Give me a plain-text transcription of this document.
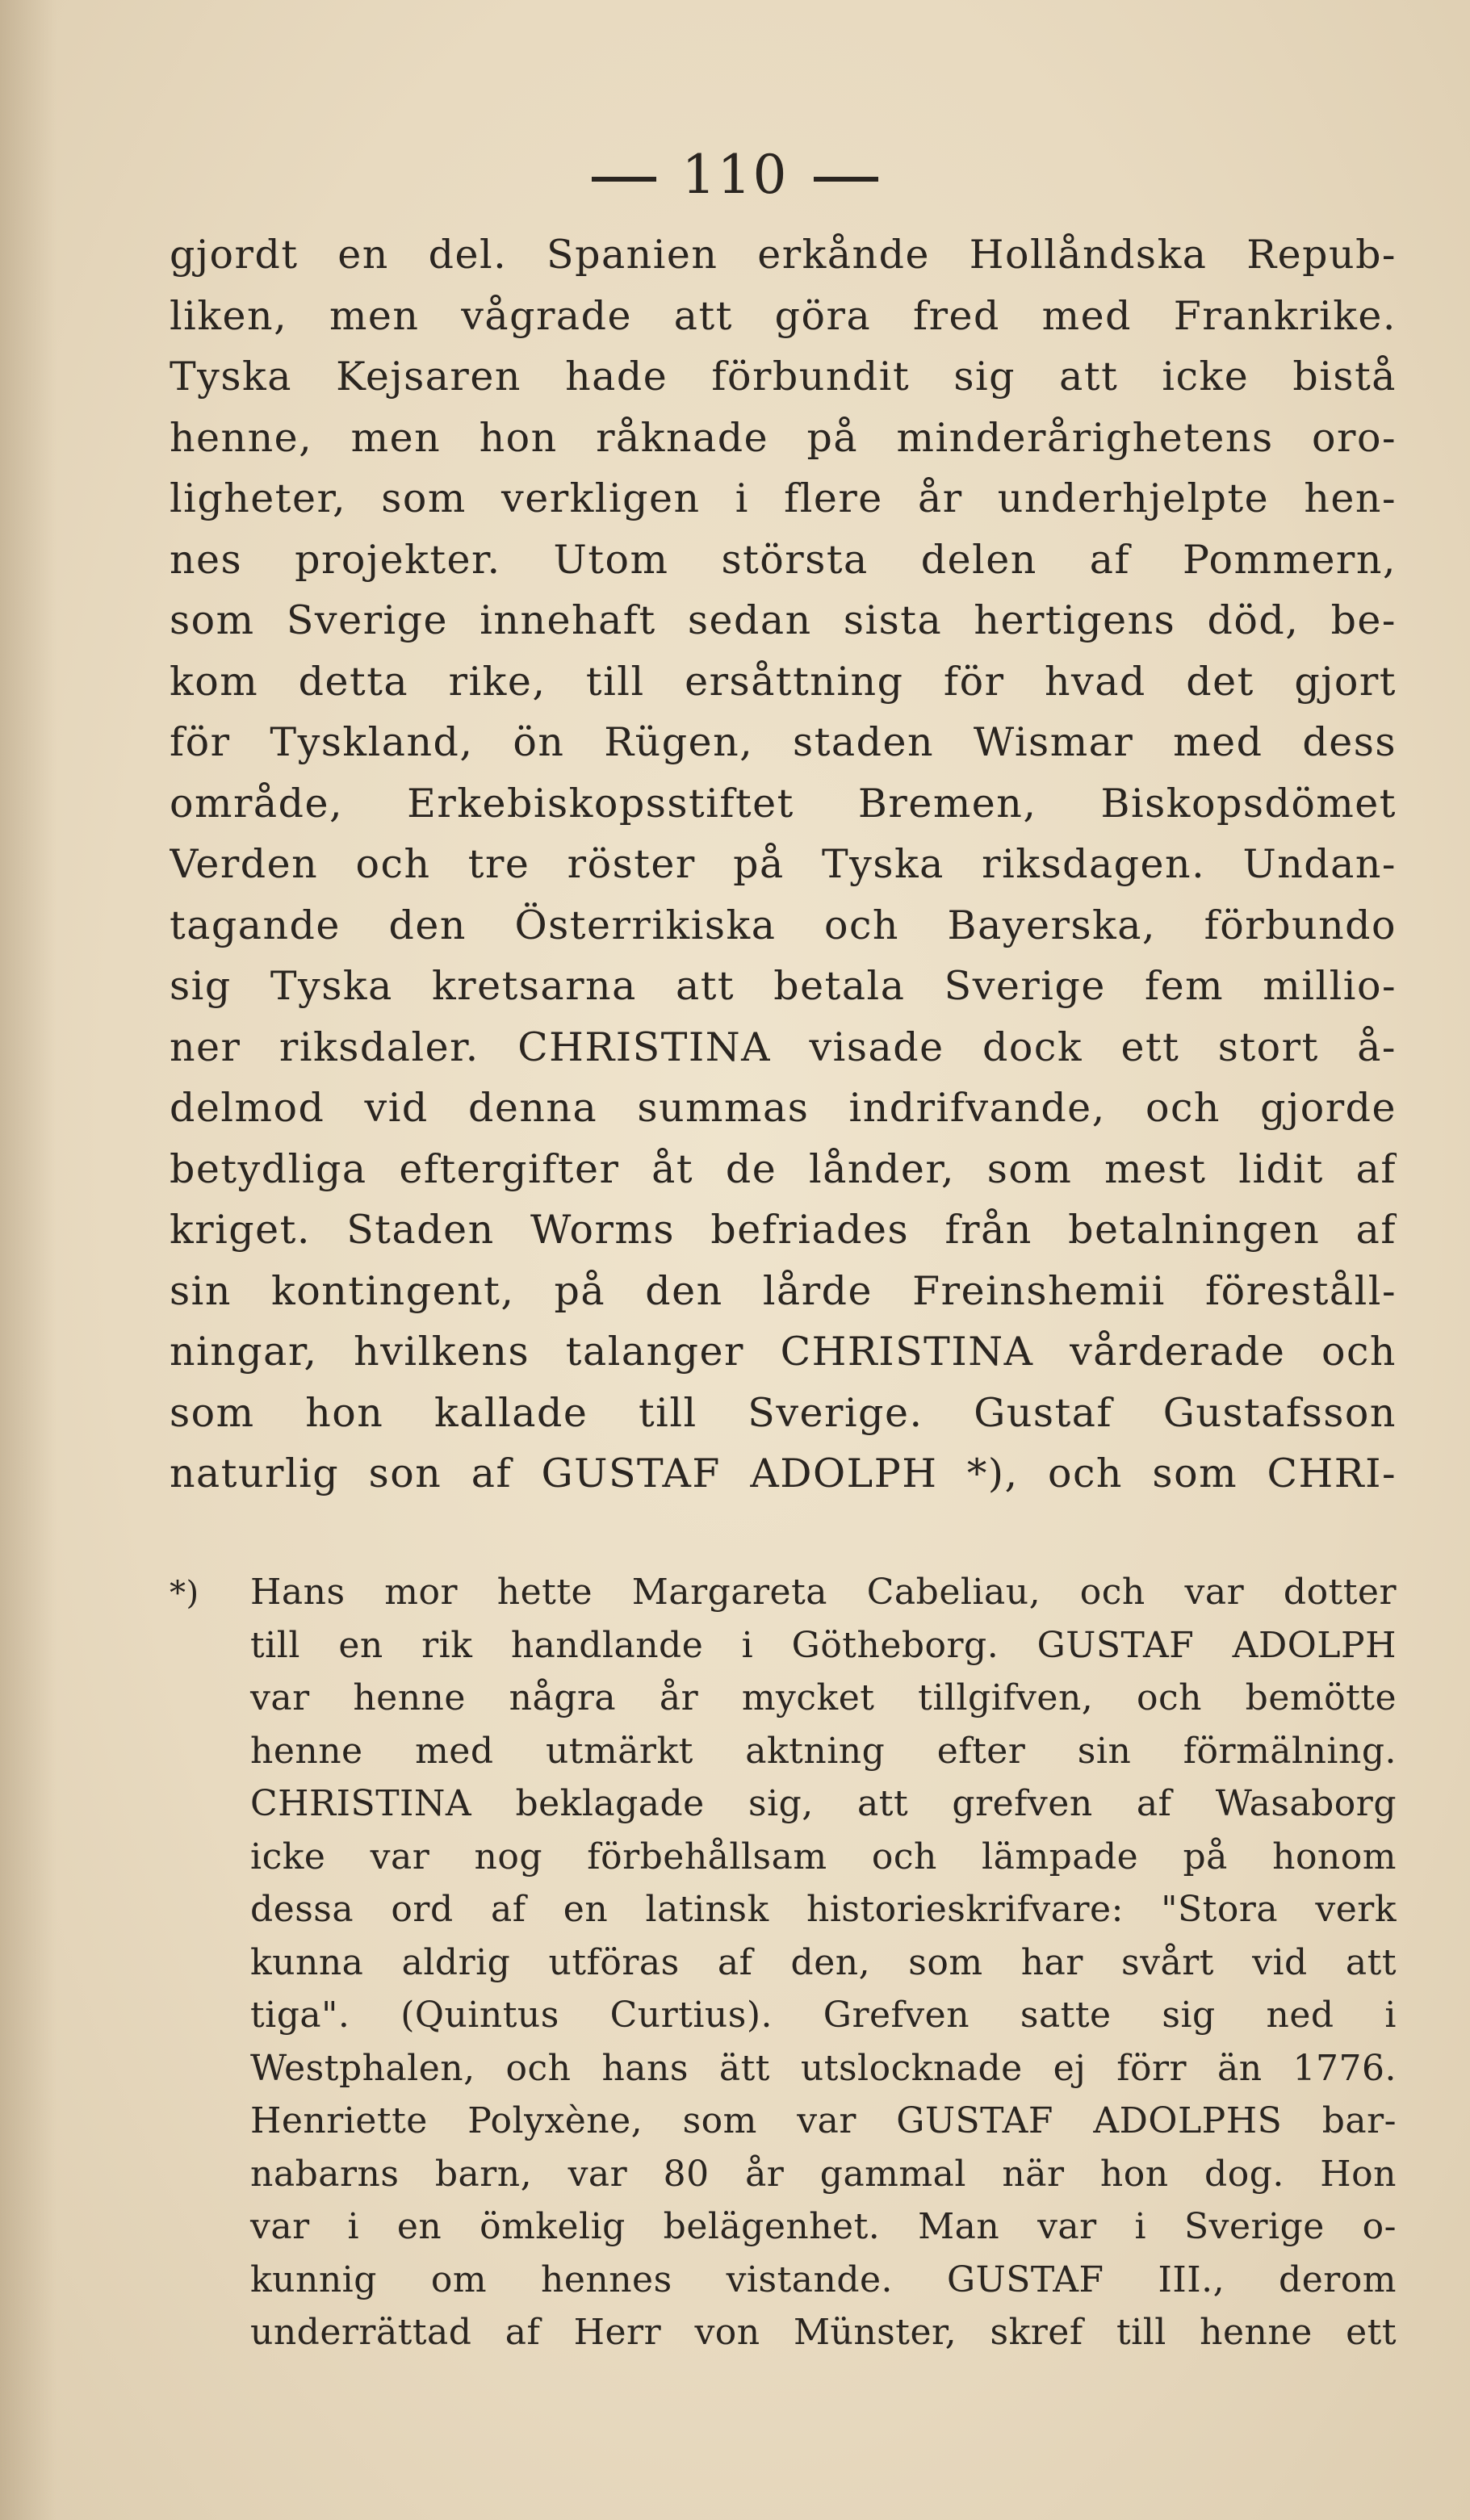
110
gjordt en del. Spanien erkånde Hollåndska Repub-
liken, men vågrade att göra fred med Frankrike.
Tyska Kejsaren hade förbundit sig att icke bistå
henne, men hon råknade på minderårighetens oro-
ligheter, som verkligen i flere år underhjelpte hen-
nes projekter. Utom största delen af Pommern,
som Sverige innehaft sedan sista hertigens död, be-
kom detta rike, till ersåttning för hvad det gjort
för Tyskland, ön Rügen, staden Wismar med dess
område, Erkebiskopsstiftet Bremen, Biskopsdömet
Verden och tre röster på Tyska riksdagen. Undan-
tagande den Österrikiska och Bayerska, förbundo
sig Tyska kretsarna att betala Sverige fem millio-
ner riksdaler. CHRISTINA visade dock ett stort å-
delmod vid denna summas indrifvande, och gjorde
betydliga eftergifter åt de lånder, som mest lidit af
kriget. Staden Worms befriades från betalningen af
sin kontingent, på den lårde Freinshemii föreståll-
ningar, hvilkens talanger CHRISTINA vårderade och
som hon kallade till Sverige. Gustaf Gustafsson
naturlig son af GUSTAF ADOLPH *), och som CHRI-
*) Hans mor hette Margareta Cabeliau, och var dotter
till en rik handlande i Götheborg. GUSTAF ADOLPH
var henne några år mycket tillgifven, och bemötte
henne med utmärkt aktning efter sin förmälning.
CHRISTINA beklagade sig, att grefven af Wasaborg
icke var nog förbehållsam och lämpade på honom
dessa ord af en latinsk historieskrifvare: "Stora verk
kunna aldrig utföras af den, som har svårt vid att
tiga". (Quintus Curtius). Grefven satte sig ned i
Westphalen, och hans ätt utslocknade ej förr än 1776.
Henriette Polyxène, som var GUSTAF ADOLPHS bar-
nabarns barn, var 80 år gammal när hon dog. Hon
var i en ömkelig belägenhet. Man var i Sverige o-
kunnig om hennes vistande. GUSTAF III., derom
underrättad af Herr von Münster, skref till henne ett
